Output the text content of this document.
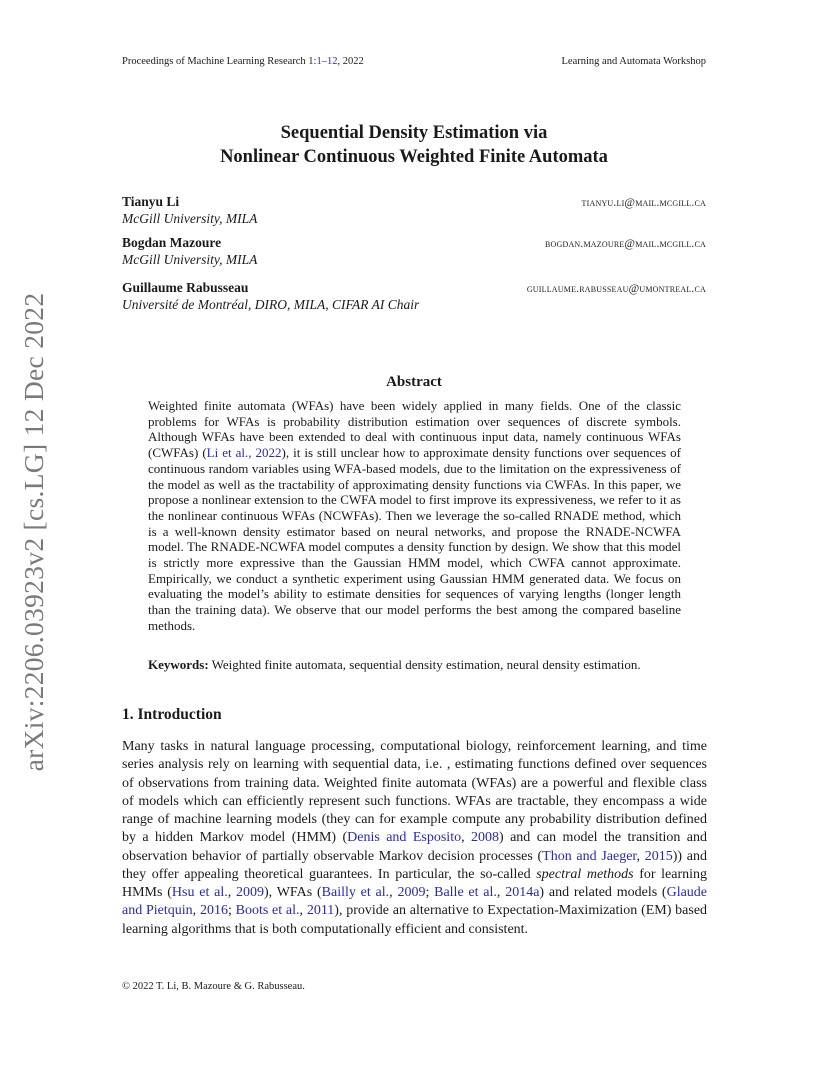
Proceedings of Machine Learning Research 1:1–12, 2022	Learning and Automata Workshop
arXiv:2206.03923v2 [cs.LG] 12 Dec 2022
Sequential Density Estimation via
Nonlinear Continuous Weighted Finite Automata
Tianyu Li	tianyu.li@mail.mcgill.ca
McGill University, MILA
Bogdan Mazoure	bogdan.mazoure@mail.mcgill.ca
McGill University, MILA
Guillaume Rabusseau	guillaume.rabusseau@umontreal.ca
Université de Montréal, DIRO, MILA, CIFAR AI Chair
Abstract

Weighted finite automata (WFAs) have been widely applied in many fields. One of the classic problems for WFAs is probability distribution estimation over sequences of discrete symbols. Although WFAs have been extended to deal with continuous input data, namely continuous WFAs (CWFAs) (Li et al., 2022), it is still unclear how to approximate density functions over sequences of continuous random variables using WFA-based models, due to the limitation on the expressiveness of the model as well as the tractability of approximating density functions via CWFAs. In this paper, we propose a nonlinear extension to the CWFA model to first improve its expressiveness, we refer to it as the nonlinear continuous WFAs (NCWFAs). Then we leverage the so-called RNADE method, which is a well-known density estimator based on neural networks, and propose the RNADE-NCWFA model. The RNADE-NCWFA model computes a density function by design. We show that this model is strictly more expressive than the Gaussian HMM model, which CWFA cannot approximate. Empirically, we conduct a synthetic experiment using Gaussian HMM generated data. We focus on evaluating the model’s ability to estimate densities for sequences of varying lengths (longer length than the training data). We observe that our model performs the best among the compared baseline methods.

Keywords: Weighted finite automata, sequential density estimation, neural density estimation.

1. Introduction

Many tasks in natural language processing, computational biology, reinforcement learning, and time series analysis rely on learning with sequential data, i.e. , estimating functions defined over sequences of observations from training data. Weighted finite automata (WFAs) are a powerful and flexible class of models which can efficiently represent such functions. WFAs are tractable, they encompass a wide range of machine learning models (they can for example compute any probability distribution defined by a hidden Markov model (HMM) (Denis and Esposito, 2008) and can model the transition and observation behavior of partially observable Markov decision processes (Thon and Jaeger, 2015)) and they offer appealing theoretical guarantees. In particular, the so-called spectral methods for learning HMMs (Hsu et al., 2009), WFAs (Bailly et al., 2009; Balle et al., 2014a) and related models (Glaude and Pietquin, 2016; Boots et al., 2011), provide an alternative to Expectation-Maximization (EM) based learning algorithms that is both computationally efficient and consistent.

© 2022 T. Li, B. Mazoure & G. Rabusseau.
